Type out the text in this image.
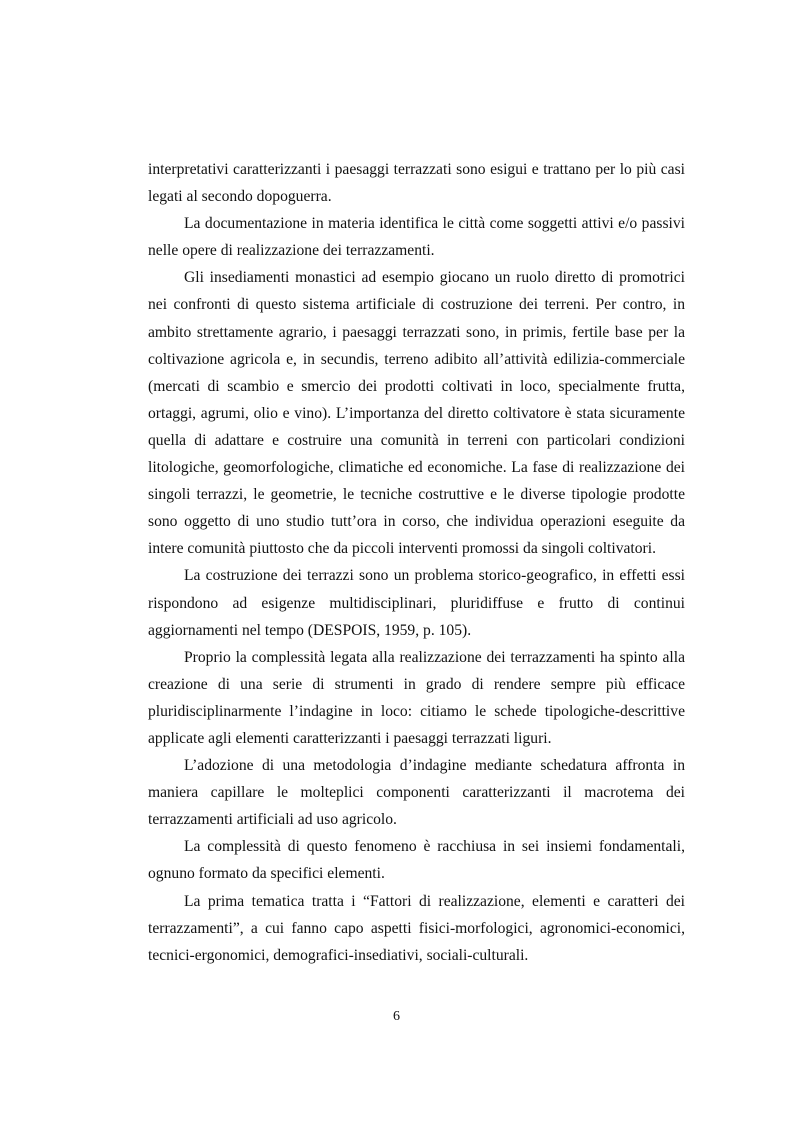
interpretativi caratterizzanti i paesaggi terrazzati sono esigui e trattano per lo più casi legati al secondo dopoguerra.

La documentazione in materia identifica le città come soggetti attivi e/o passivi nelle opere di realizzazione dei terrazzamenti.

Gli insediamenti monastici ad esempio giocano un ruolo diretto di promotrici nei confronti di questo sistema artificiale di costruzione dei terreni. Per contro, in ambito strettamente agrario, i paesaggi terrazzati sono, in primis, fertile base per la coltivazione agricola e, in secundis, terreno adibito all’attività edilizia-commerciale (mercati di scambio e smercio dei prodotti coltivati in loco, specialmente frutta, ortaggi, agrumi, olio e vino). L’importanza del diretto coltivatore è stata sicuramente quella di adattare e costruire una comunità in terreni con particolari condizioni litologiche, geomorfologiche, climatiche ed economiche. La fase di realizzazione dei singoli terrazzi, le geometrie, le tecniche costruttive e le diverse tipologie prodotte sono oggetto di uno studio tutt’ora in corso, che individua operazioni eseguite da intere comunità piuttosto che da piccoli interventi promossi da singoli coltivatori.

La costruzione dei terrazzi sono un problema storico-geografico, in effetti essi rispondono ad esigenze multidisciplinari, pluridiffuse e frutto di continui aggiornamenti nel tempo (DESPOIS, 1959, p. 105).

Proprio la complessità legata alla realizzazione dei terrazzamenti ha spinto alla creazione di una serie di strumenti in grado di rendere sempre più efficace pluridisciplinarmente l’indagine in loco: citiamo le schede tipologiche-descrittive applicate agli elementi caratterizzanti i paesaggi terrazzati liguri.

L’adozione di una metodologia d’indagine mediante schedatura affronta in maniera capillare le molteplici componenti caratterizzanti il macrotema dei terrazzamenti artificiali ad uso agricolo.

La complessità di questo fenomeno è racchiusa in sei insiemi fondamentali, ognuno formato da specifici elementi.

La prima tematica tratta i “Fattori di realizzazione, elementi e caratteri dei terrazzamenti”, a cui fanno capo aspetti fisici-morfologici, agronomici-economici, tecnici-ergonomici, demografici-insediativi, sociali-culturali.

6
